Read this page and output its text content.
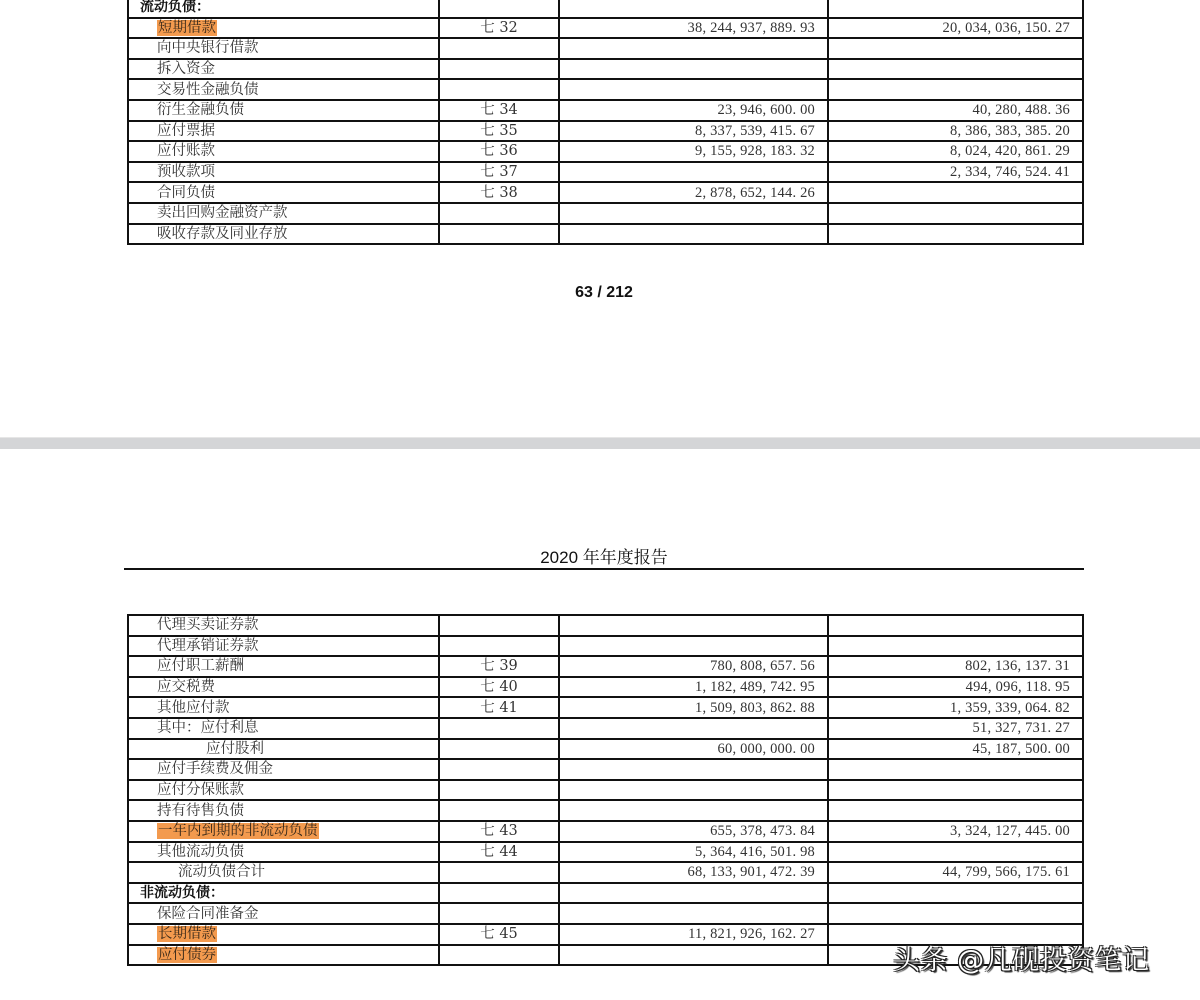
流动负债：			
短期借款	七 32	38, 244, 937, 889. 93	20, 034, 036, 150. 27
向中央银行借款			
拆入资金			
交易性金融负债			
衍生金融负债	七 34	23, 946, 600. 00	40, 280, 488. 36
应付票据	七 35	8, 337, 539, 415. 67	8, 386, 383, 385. 20
应付账款	七 36	9, 155, 928, 183. 32	8, 024, 420, 861. 29
预收款项	七 37		2, 334, 746, 524. 41
合同负债	七 38	2, 878, 652, 144. 26	
卖出回购金融资产款			
吸收存款及同业存放			
63 / 212
2020 年年度报告
代理买卖证券款			
代理承销证券款			
应付职工薪酬	七 39	780, 808, 657. 56	802, 136, 137. 31
应交税费	七 40	1, 182, 489, 742. 95	494, 096, 118. 95
其他应付款	七 41	1, 509, 803, 862. 88	1, 359, 339, 064. 82
其中：应付利息			51, 327, 731. 27
应付股利		60, 000, 000. 00	45, 187, 500. 00
应付手续费及佣金			
应付分保账款			
持有待售负债			
一年内到期的非流动负债	七 43	655, 378, 473. 84	3, 324, 127, 445. 00
其他流动负债	七 44	5, 364, 416, 501. 98	
流动负债合计		68, 133, 901, 472. 39	44, 799, 566, 175. 61
非流动负债：			
保险合同准备金			
长期借款	七 45	11, 821, 926, 162. 27	
应付债券				头条 @凡砚投资笔记
